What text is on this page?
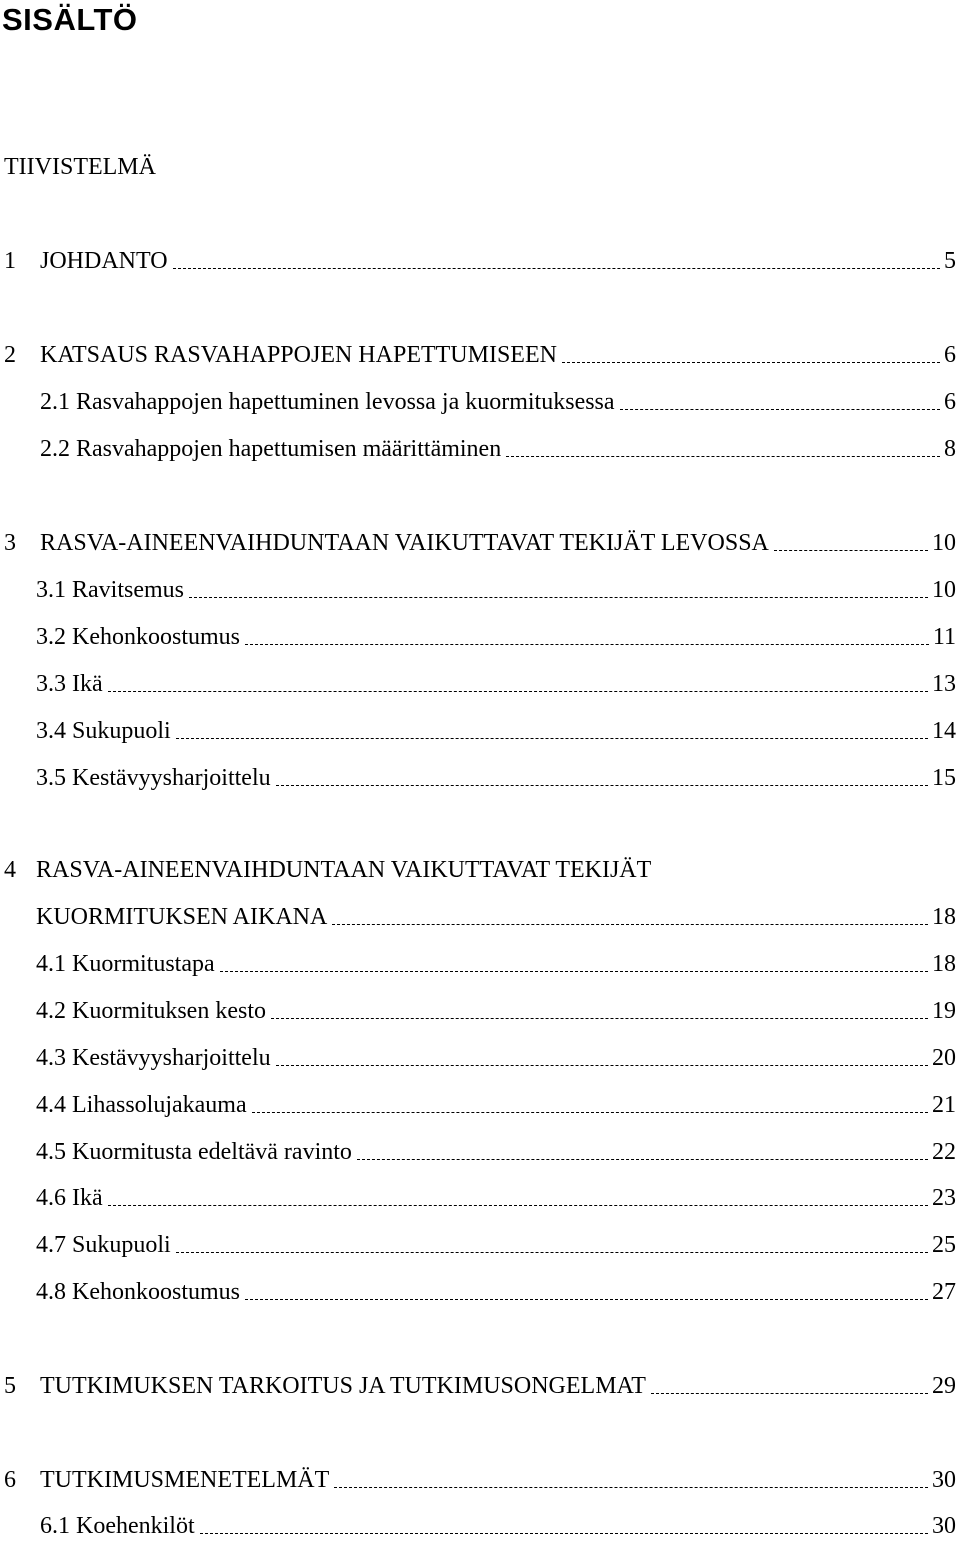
SISÄLTÖ
TIIVISTELMÄ
1 JOHDANTO	5
2 KATSAUS RASVAHAPPOJEN HAPETTUMISEEN	6
2.1 Rasvahappojen hapettuminen levossa ja kuormituksessa	6
2.2 Rasvahappojen hapettumisen määrittäminen	8
3 RASVA-AINEENVAIHDUNTAAN VAIKUTTAVAT TEKIJÄT LEVOSSA	10
3.1 Ravitsemus	10
3.2 Kehonkoostumus	11
3.3 Ikä	13
3.4 Sukupuoli	14
3.5 Kestävyysharjoittelu	15
4 RASVA-AINEENVAIHDUNTAAN VAIKUTTAVAT TEKIJÄT
KUORMITUKSEN AIKANA	18
4.1 Kuormitustapa	18
4.2 Kuormituksen kesto	19
4.3 Kestävyysharjoittelu	20
4.4 Lihassolujakauma	21
4.5 Kuormitusta edeltävä ravinto	22
4.6 Ikä	23
4.7 Sukupuoli	25
4.8 Kehonkoostumus	27
5 TUTKIMUKSEN TARKOITUS JA TUTKIMUSONGELMAT	29
6 TUTKIMUSMENETELMÄT	30
6.1 Koehenkilöt	30
